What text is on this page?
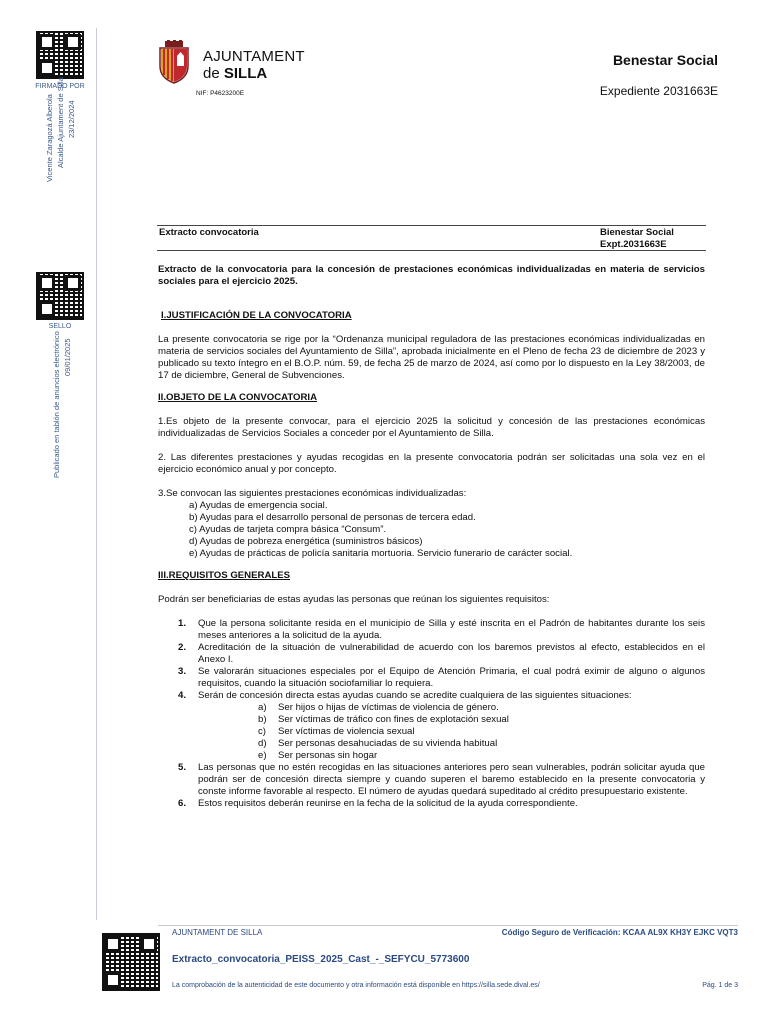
FIRMADO POR
Vicente Zaragozá Alberola Alcalde Ajuntament de Silla 23/12/2024
SELLO
Publicado en tablón de anuncios electrónico 09/01/2025
AJUNTAMENT
de SILLA
NIF: P4623200E
Benestar Social
Expediente 2031663E
Extracto convocatoria	Bienestar Social
Expt.2031663E

Extracto de la convocatoria para la concesión de prestaciones económicas individualizadas en materia de servicios sociales para el ejercicio 2025.

I.JUSTIFICACIÓN DE LA CONVOCATORIA

La presente convocatoria se rige por la “Ordenanza municipal reguladora de las prestaciones económicas individualizadas en materia de servicios sociales del Ayuntamiento de Silla”, aprobada inicialmente en el Pleno de fecha 23 de diciembre de 2023 y publicado su texto íntegro en el B.O.P. núm. 59, de fecha 25 de marzo de 2024, así como por lo dispuesto en la Ley 38/2003, de 17 de diciembre, General de Subvenciones.

II.OBJETO DE LA CONVOCATORIA

1.Es objeto de la presente convocar, para el ejercicio 2025 la solicitud y concesión de las prestaciones económicas individualizadas de Servicios Sociales a conceder por el Ayuntamiento de Silla.

2. Las diferentes prestaciones y ayudas recogidas en la presente convocatoria podrán ser solicitadas una sola vez en el ejercicio económico anual y por concepto.

3.Se convocan las siguientes prestaciones económicas individualizadas:

a) Ayudas de emergencia social.

b) Ayudas para el desarrollo personal de personas de tercera edad.

c) Ayudas de tarjeta compra básica “Consum”.

d) Ayudas de pobreza energética (suministros básicos)

e) Ayudas de prácticas de policía sanitaria mortuoria. Servicio funerario de carácter social.

III.REQUISITOS GENERALES

Podrán ser beneficiarias de estas ayudas las personas que reúnan los siguientes requisitos:

1.	Que la persona solicitante resida en el municipio de Silla y esté inscrita en el Padrón de habitantes durante los seis meses anteriores a la solicitud de la ayuda.
2.	Acreditación de la situación de vulnerabilidad de acuerdo con los baremos previstos al efecto, establecidos en el Anexo I.
3.	Se valorarán situaciones especiales por el Equipo de Atención Primaria, el cual podrá eximir de alguno o algunos requisitos, cuando la situación sociofamiliar lo requiera.
4.	Serán de concesión directa estas ayudas cuando se acredite cualquiera de las siguientes situaciones:
a)	Ser hijos o hijas de víctimas de violencia de género.
b)	Ser víctimas de tráfico con fines de explotación sexual
c)	Ser víctimas de violencia sexual
d)	Ser personas desahuciadas de su vivienda habitual
e)	Ser personas sin hogar
5.	Las personas que no estén recogidas en las situaciones anteriores pero sean vulnerables, podrán solicitar ayuda que podrán ser de concesión directa siempre y cuando superen el baremo establecido en la presente convocatoria y conste informe favorable al respecto. El número de ayudas quedará supeditado al crédito presupuestario existente.
6.	Estos requisitos deberán reunirse en la fecha de la solicitud de la ayuda correspondiente.
AJUNTAMENT DE SILLA	Código Seguro de Verificación: KCAA AL9X KH3Y EJKC VQT3
Extracto_convocatoria_PEISS_2025_Cast_-_SEFYCU_5773600
La comprobación de la autenticidad de este documento y otra información está disponible en https://silla.sede.dival.es/	Pág. 1 de 3
